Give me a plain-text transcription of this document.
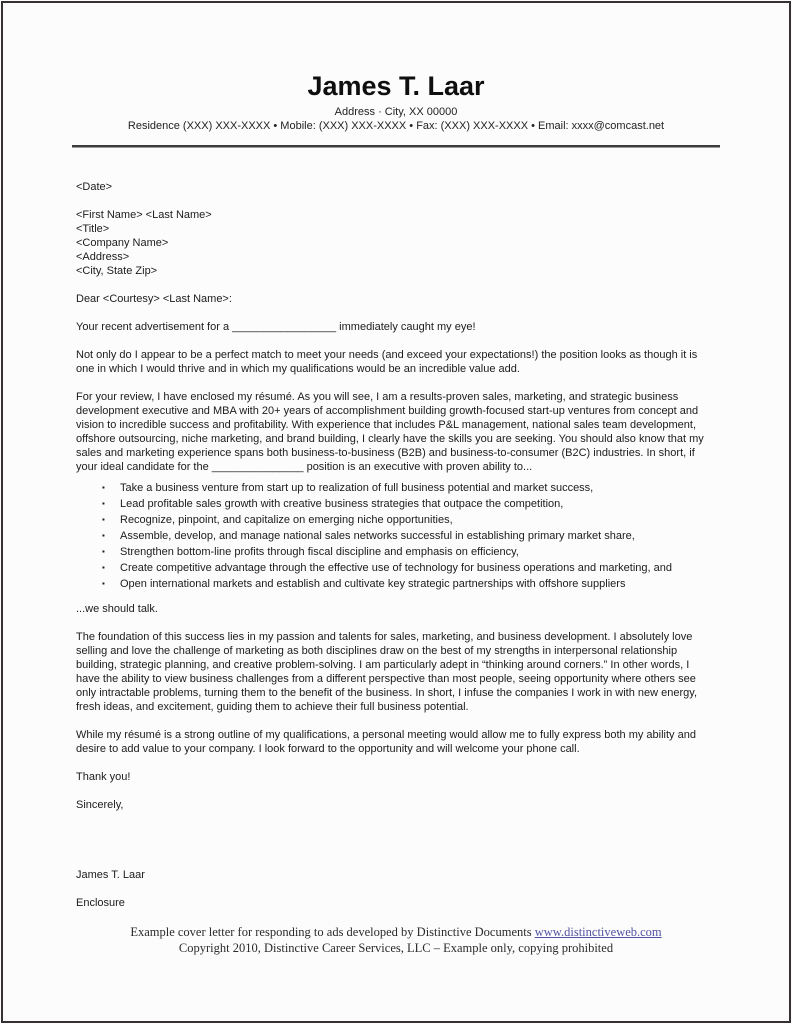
James T. Laar
Address · City, XX 00000
Residence (XXX) XXX-XXXX • Mobile: (XXX) XXX-XXXX • Fax: (XXX) XXX-XXXX • Email: xxxx@comcast.net

<Date>

<First Name> <Last Name>
<Title>
<Company Name>
<Address>
<City, State Zip>

Dear <Courtesy> <Last Name>:

Your recent advertisement for a _________________ immediately caught my eye!

Not only do I appear to be a perfect match to meet your needs (and exceed your expectations!) the position looks as though it is one in which I would thrive and in which my qualifications would be an incredible value add.

For your review, I have enclosed my résumé. As you will see, I am a results-proven sales, marketing, and strategic business development executive and MBA with 20+ years of accomplishment building growth-focused start-up ventures from concept and vision to incredible success and profitability. With experience that includes P&L management, national sales team development, offshore outsourcing, niche marketing, and brand building, I clearly have the skills you are seeking. You should also know that my sales and marketing experience spans both business-to-business (B2B) and business-to-consumer (B2C) industries. In short, if your ideal candidate for the _______________ position is an executive with proven ability to...

▪ Take a business venture from start up to realization of full business potential and market success,
▪ Lead profitable sales growth with creative business strategies that outpace the competition,
▪ Recognize, pinpoint, and capitalize on emerging niche opportunities,
▪ Assemble, develop, and manage national sales networks successful in establishing primary market share,
▪ Strengthen bottom-line profits through fiscal discipline and emphasis on efficiency,
▪ Create competitive advantage through the effective use of technology for business operations and marketing, and
▪ Open international markets and establish and cultivate key strategic partnerships with offshore suppliers

...we should talk.

The foundation of this success lies in my passion and talents for sales, marketing, and business development. I absolutely love selling and love the challenge of marketing as both disciplines draw on the best of my strengths in interpersonal relationship building, strategic planning, and creative problem-solving. I am particularly adept in “thinking around corners.” In other words, I have the ability to view business challenges from a different perspective than most people, seeing opportunity where others see only intractable problems, turning them to the benefit of the business. In short, I infuse the companies I work in with new energy, fresh ideas, and excitement, guiding them to achieve their full business potential.

While my résumé is a strong outline of my qualifications, a personal meeting would allow me to fully express both my ability and desire to add value to your company. I look forward to the opportunity and will welcome your phone call.

Thank you!

Sincerely,

James T. Laar

Enclosure

Example cover letter for responding to ads developed by Distinctive Documents www.distinctiveweb.com
Copyright 2010, Distinctive Career Services, LLC – Example only, copying prohibited
